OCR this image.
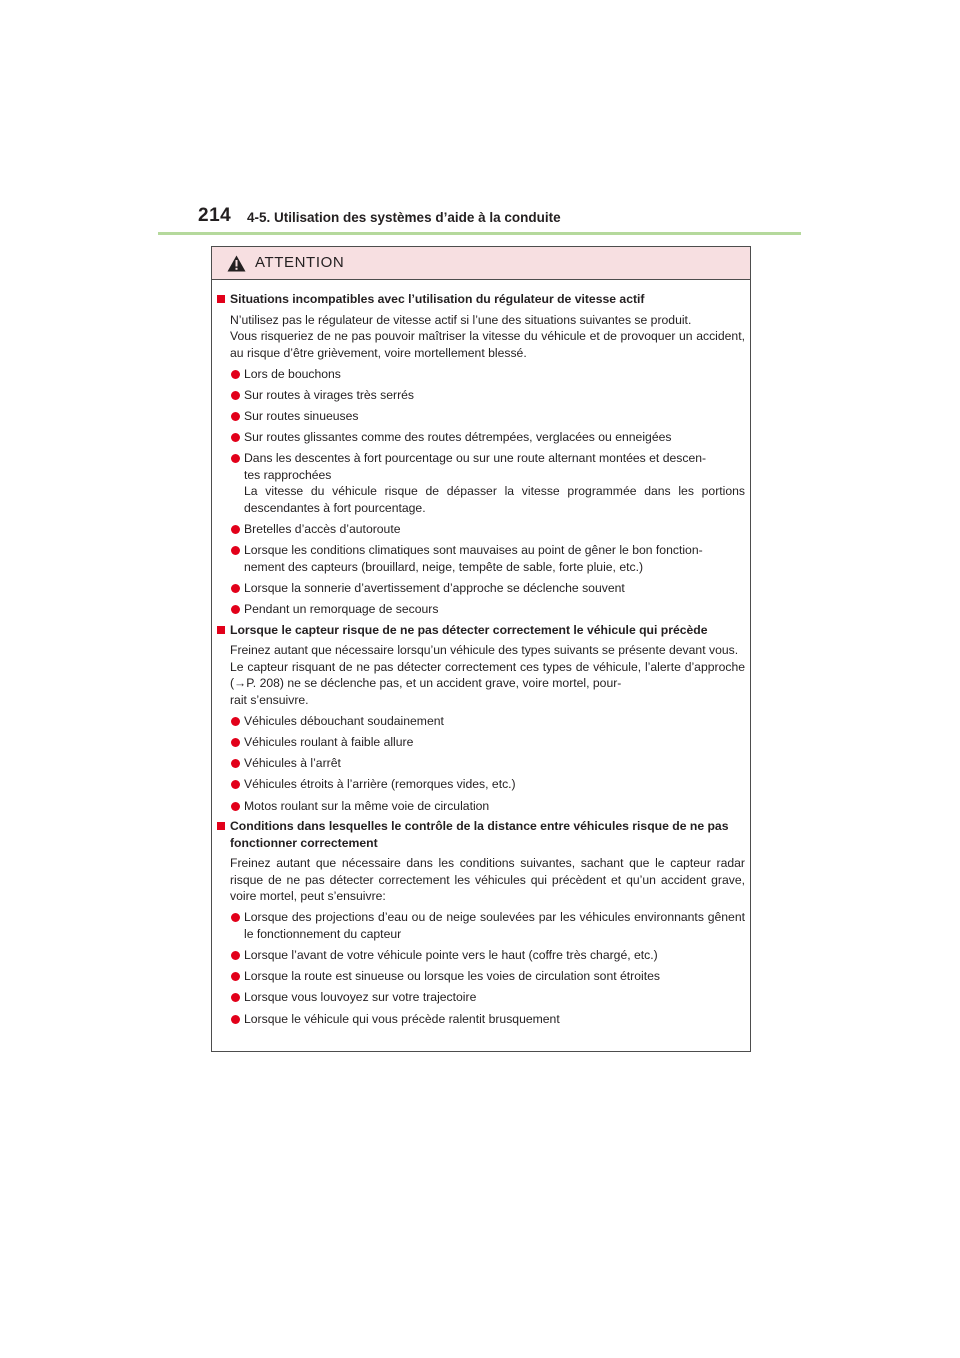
214 4-5. Utilisation des systèmes d’aide à la conduite
ATTENTION
Situations incompatibles avec l’utilisation du régulateur de vitesse actif
N’utilisez pas le régulateur de vitesse actif si l’une des situations suivantes se produit.
Vous risqueriez de ne pas pouvoir maîtriser la vitesse du véhicule et de provoquer un accident, au risque d’être grièvement, voire mortellement blessé.
Lors de bouchons
Sur routes à virages très serrés
Sur routes sinueuses
Sur routes glissantes comme des routes détrempées, verglacées ou enneigées
Dans les descentes à fort pourcentage ou sur une route alternant montées et descen-
tes rapprochées
La vitesse du véhicule risque de dépasser la vitesse programmée dans les portions descendantes à fort pourcentage.
Bretelles d’accès d’autoroute
Lorsque les conditions climatiques sont mauvaises au point de gêner le bon fonction-
nement des capteurs (brouillard, neige, tempête de sable, forte pluie, etc.)
Lorsque la sonnerie d’avertissement d’approche se déclenche souvent
Pendant un remorquage de secours
Lorsque le capteur risque de ne pas détecter correctement le véhicule qui précède
Freinez autant que nécessaire lorsqu’un véhicule des types suivants se présente devant vous.
Le capteur risquant de ne pas détecter correctement ces types de véhicule, l’alerte d’approche (→P. 208) ne se déclenche pas, et un accident grave, voire mortel, pour-
rait s’ensuivre.
Véhicules débouchant soudainement
Véhicules roulant à faible allure
Véhicules à l’arrêt
Véhicules étroits à l’arrière (remorques vides, etc.)
Motos roulant sur la même voie de circulation
Conditions dans lesquelles le contrôle de la distance entre véhicules risque de ne pas fonctionner correctement
Freinez autant que nécessaire dans les conditions suivantes, sachant que le capteur radar risque de ne pas détecter correctement les véhicules qui précèdent et qu’un accident grave, voire mortel, peut s’ensuivre:
Lorsque des projections d’eau ou de neige soulevées par les véhicules environnants gênent le fonctionnement du capteur
Lorsque l’avant de votre véhicule pointe vers le haut (coffre très chargé, etc.)
Lorsque la route est sinueuse ou lorsque les voies de circulation sont étroites
Lorsque vous louvoyez sur votre trajectoire
Lorsque le véhicule qui vous précède ralentit brusquement
